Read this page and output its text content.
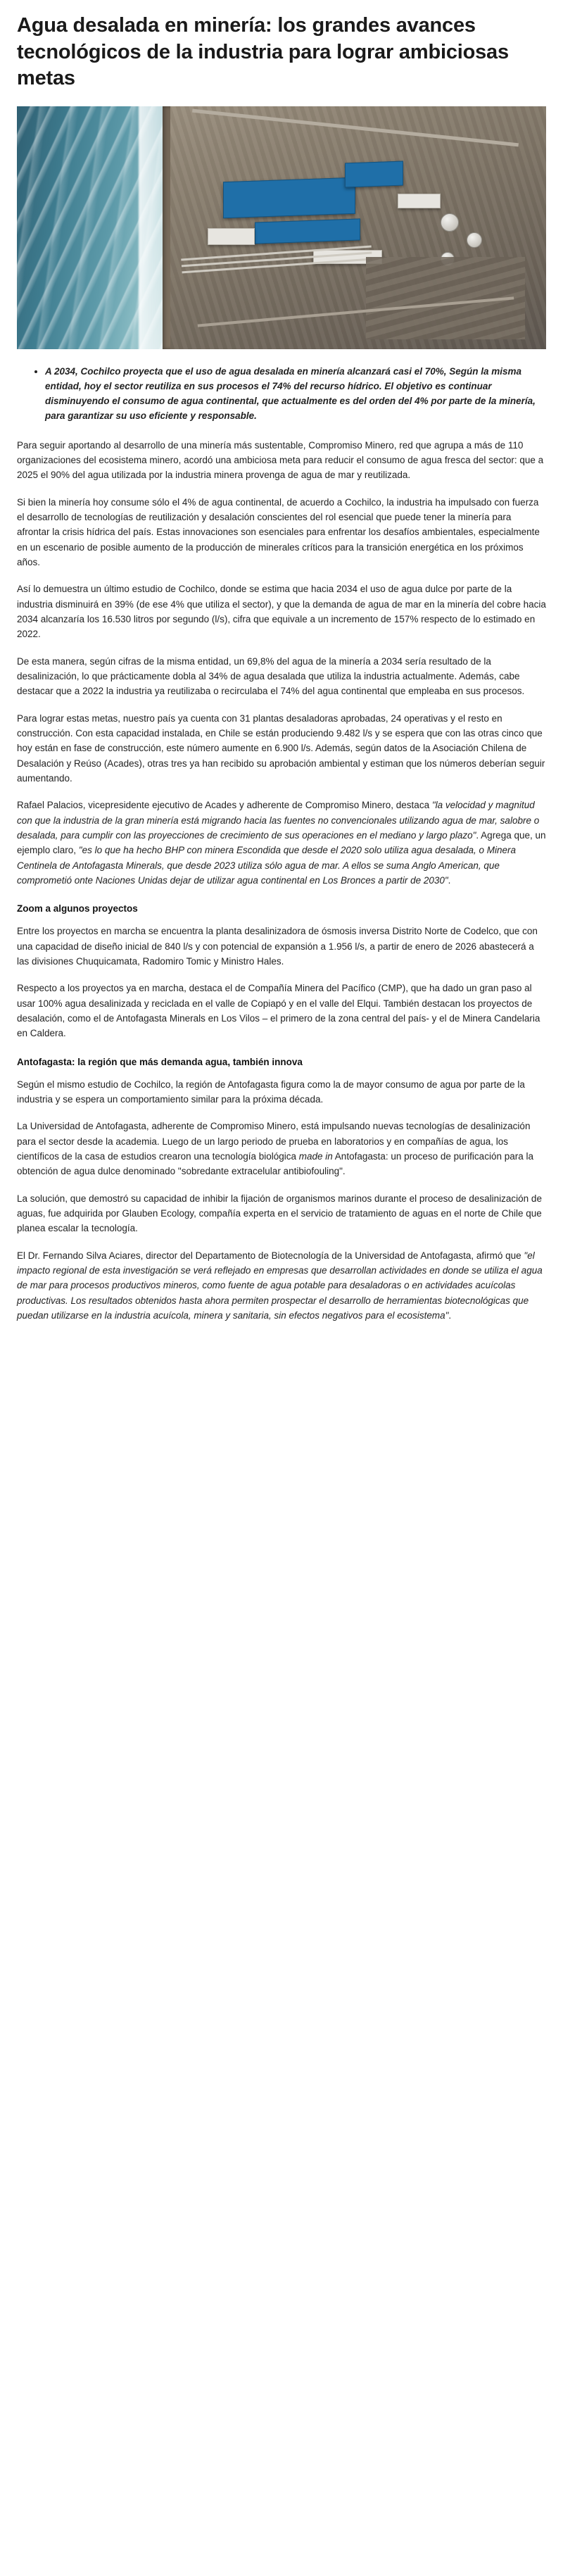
Agua desalada en minería: los grandes avances tecnológicos de la industria para lograr ambiciosas metas
• A 2034, Cochilco proyecta que el uso de agua desalada en minería alcanzará casi el 70%, Según la misma entidad, hoy el sector reutiliza en sus procesos el 74% del recurso hídrico. El objetivo es continuar disminuyendo el consumo de agua continental, que actualmente es del orden del 4% por parte de la minería, para garantizar su uso eficiente y responsable.

Para seguir aportando al desarrollo de una minería más sustentable, Compromiso Minero, red que agrupa a más de 110 organizaciones del ecosistema minero, acordó una ambiciosa meta para reducir el consumo de agua fresca del sector: que a 2025 el 90% del agua utilizada por la industria minera provenga de agua de mar y reutilizada.

Si bien la minería hoy consume sólo el 4% de agua continental, de acuerdo a Cochilco, la industria ha impulsado con fuerza el desarrollo de tecnologías de reutilización y desalación conscientes del rol esencial que puede tener la minería para afrontar la crisis hídrica del país. Estas innovaciones son esenciales para enfrentar los desafíos ambientales, especialmente en un escenario de posible aumento de la producción de minerales críticos para la transición energética en los próximos años.

Así lo demuestra un último estudio de Cochilco, donde se estima que hacia 2034 el uso de agua dulce por parte de la industria disminuirá en 39% (de ese 4% que utiliza el sector), y que la demanda de agua de mar en la minería del cobre hacia 2034 alcanzaría los 16.530 litros por segundo (l/s), cifra que equivale a un incremento de 157% respecto de lo estimado en 2022.

De esta manera, según cifras de la misma entidad, un 69,8% del agua de la minería a 2034 sería resultado de la desalinización, lo que prácticamente dobla al 34% de agua desalada que utiliza la industria actualmente. Además, cabe destacar que a 2022 la industria ya reutilizaba o recirculaba el 74% del agua continental que empleaba en sus procesos.

Para lograr estas metas, nuestro país ya cuenta con 31 plantas desaladoras aprobadas, 24 operativas y el resto en construcción. Con esta capacidad instalada, en Chile se están produciendo 9.482 l/s y se espera que con las otras cinco que hoy están en fase de construcción, este número aumente en 6.900 l/s. Además, según datos de la Asociación Chilena de Desalación y Reúso (Acades), otras tres ya han recibido su aprobación ambiental y estiman que los números deberían seguir aumentando.

Rafael Palacios, vicepresidente ejecutivo de Acades y adherente de Compromiso Minero, destaca "la velocidad y magnitud con que la industria de la gran minería está migrando hacia las fuentes no convencionales utilizando agua de mar, salobre o desalada, para cumplir con las proyecciones de crecimiento de sus operaciones en el mediano y largo plazo". Agrega que, un ejemplo claro, "es lo que ha hecho BHP con minera Escondida que desde el 2020 solo utiliza agua desalada, o Minera Centinela de Antofagasta Minerals, que desde 2023 utiliza sólo agua de mar. A ellos se suma Anglo American, que comprometió onte Naciones Unidas dejar de utilizar agua continental en Los Bronces a partir de 2030".

Zoom a algunos proyectos

Entre los proyectos en marcha se encuentra la planta desalinizadora de ósmosis inversa Distrito Norte de Codelco, que con una capacidad de diseño inicial de 840 l/s y con potencial de expansión a 1.956 l/s, a partir de enero de 2026 abastecerá a las divisiones Chuquicamata, Radomiro Tomic y Ministro Hales.

Respecto a los proyectos ya en marcha, destaca el de Compañía Minera del Pacífico (CMP), que ha dado un gran paso al usar 100% agua desalinizada y reciclada en el valle de Copiapó y en el valle del Elqui. También destacan los proyectos de desalación, como el de Antofagasta Minerals en Los Vilos – el primero de la zona central del país- y el de Minera Candelaria en Caldera.

Antofagasta: la región que más demanda agua, también innova

Según el mismo estudio de Cochilco, la región de Antofagasta figura como la de mayor consumo de agua por parte de la industria y se espera un comportamiento similar para la próxima década.

La Universidad de Antofagasta, adherente de Compromiso Minero, está impulsando nuevas tecnologías de desalinización para el sector desde la academia. Luego de un largo periodo de prueba en laboratorios y en compañías de agua, los científicos de la casa de estudios crearon una tecnología biológica made in Antofagasta: un proceso de purificación para la obtención de agua dulce denominado "sobredante extracelular antibiofouling".

La solución, que demostró su capacidad de inhibir la fijación de organismos marinos durante el proceso de desalinización de aguas, fue adquirida por Glauben Ecology, compañía experta en el servicio de tratamiento de aguas en el norte de Chile que planea escalar la tecnología.

El Dr. Fernando Silva Aciares, director del Departamento de Biotecnología de la Universidad de Antofagasta, afirmó que "el impacto regional de esta investigación se verá reflejado en empresas que desarrollan actividades en donde se utiliza el agua de mar para procesos productivos mineros, como fuente de agua potable para desaladoras o en actividades acuícolas productivas. Los resultados obtenidos hasta ahora permiten prospectar el desarrollo de herramientas biotecnológicas que puedan utilizarse en la industria acuícola, minera y sanitaria, sin efectos negativos para el ecosistema".
